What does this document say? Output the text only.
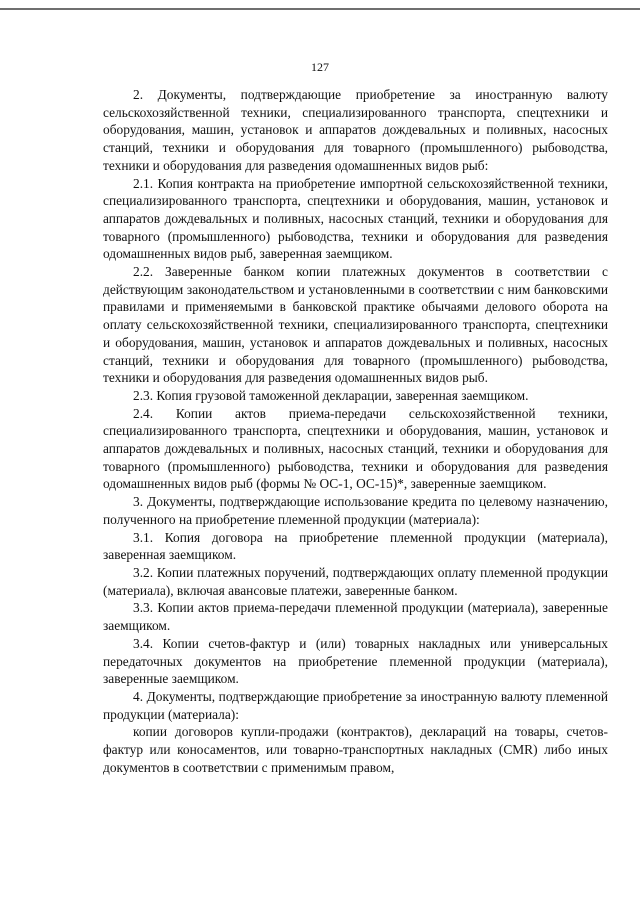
127

2. Документы, подтверждающие приобретение за иностранную валюту сельскохозяйственной техники, специализированного транспорта, спецтехники и оборудования, машин, установок и аппаратов дождевальных и поливных, насосных станций, техники и оборудования для товарного (промышленного) рыбоводства, техники и оборудования для разведения одомашненных видов рыб:

2.1. Копия контракта на приобретение импортной сельскохозяйственной техники, специализированного транспорта, спецтехники и оборудования, машин, установок и аппаратов дождевальных и поливных, насосных станций, техники и оборудования для товарного (промышленного) рыбоводства, техники и оборудования для разведения одомашненных видов рыб, заверенная заемщиком.

2.2. Заверенные банком копии платежных документов в соответствии с действующим законодательством и установленными в соответствии с ним банковскими правилами и применяемыми в банковской практике обычаями делового оборота на оплату сельскохозяйственной техники, специализированного транспорта, спецтехники и оборудования, машин, установок и аппаратов дождевальных и поливных, насосных станций, техники и оборудования для товарного (промышленного) рыбоводства, техники и оборудования для разведения одомашненных видов рыб.

2.3. Копия грузовой таможенной декларации, заверенная заемщиком.

2.4. Копии актов приема-передачи сельскохозяйственной техники, специализированного транспорта, спецтехники и оборудования, машин, установок и аппаратов дождевальных и поливных, насосных станций, техники и оборудования для товарного (промышленного) рыбоводства, техники и оборудования для разведения одомашненных видов рыб (формы № ОС-1, ОС-15)*, заверенные заемщиком.

3. Документы, подтверждающие использование кредита по целевому назначению, полученного на приобретение племенной продукции (материала):

3.1. Копия договора на приобретение племенной продукции (материала), заверенная заемщиком.

3.2. Копии платежных поручений, подтверждающих оплату племенной продукции (материала), включая авансовые платежи, заверенные банком.

3.3. Копии актов приема-передачи племенной продукции (материала), заверенные заемщиком.

3.4. Копии счетов-фактур и (или) товарных накладных или универсальных передаточных документов на приобретение племенной продукции (материала), заверенные заемщиком.

4. Документы, подтверждающие приобретение за иностранную валюту племенной продукции (материала):

копии договоров купли-продажи (контрактов), деклараций на товары, счетов-фактур или коносаментов, или товарно-транспортных накладных (CMR) либо иных документов в соответствии с применимым правом,
